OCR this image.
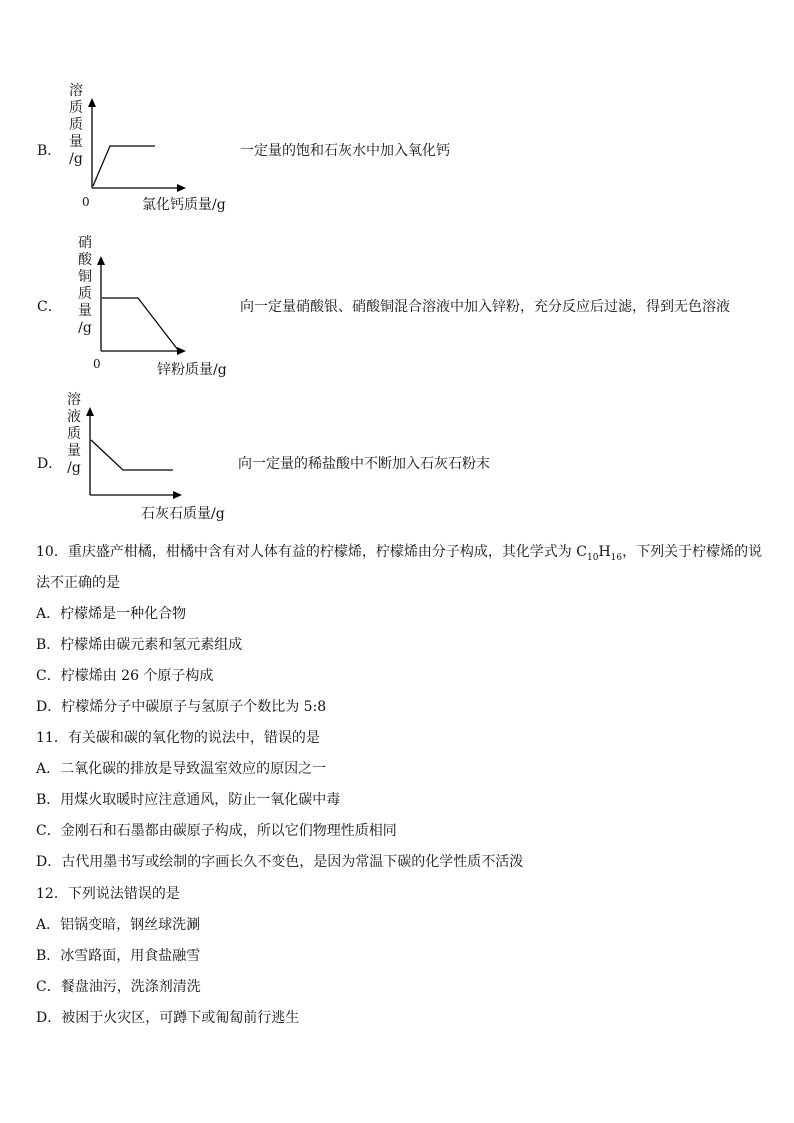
B．
溶
质
质
量
/g
0	氯化钙质量/g
一定量的饱和石灰水中加入氧化钙
C．
硝
酸
铜
质
量
/g
0	锌粉质量/g
向一定量硝酸银、硝酸铜混合溶液中加入锌粉，充分反应后过滤，得到无色溶液
D．
溶
液
质
量
/g
石灰石质量/g
向一定量的稀盐酸中不断加入石灰石粉末
10．重庆盛产柑橘，柑橘中含有对人体有益的柠檬烯，柠檬烯由分子构成，其化学式为 $C_{10}H_{16}$，下列关于柠檬烯的说
法不正确的是
A．柠檬烯是一种化合物
B．柠檬烯由碳元素和氢元素组成
C．柠檬烯由 26 个原子构成
D．柠檬烯分子中碳原子与氢原子个数比为 5:8
11．有关碳和碳的氧化物的说法中，错误的是
A．二氧化碳的排放是导致温室效应的原因之一
B．用煤火取暖时应注意通风，防止一氧化碳中毒
C．金刚石和石墨都由碳原子构成，所以它们物理性质相同
D．古代用墨书写或绘制的字画长久不变色，是因为常温下碳的化学性质不活泼
12．下列说法错误的是
A．铝锅变暗，钢丝球洗涮
B．冰雪路面，用食盐融雪
C．餐盘油污，洗涤剂清洗
D．被困于火灾区，可蹲下或匍匐前行逃生
